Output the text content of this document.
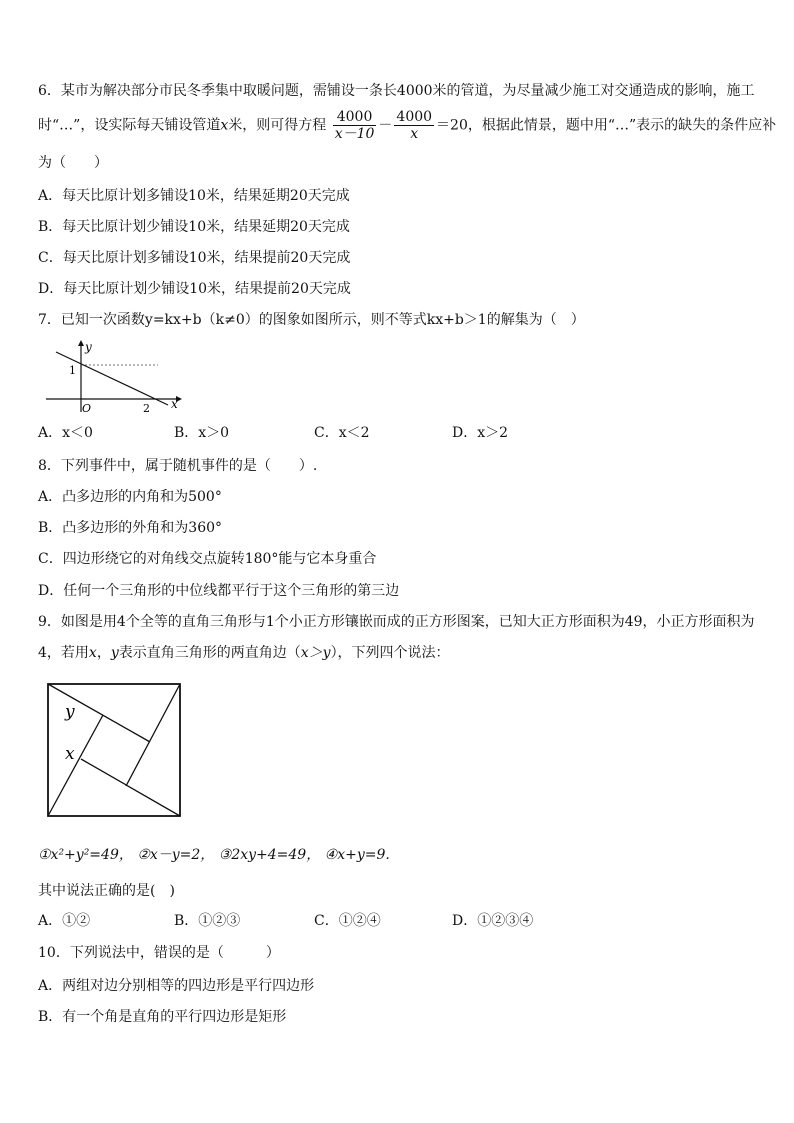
6．某市为解决部分市民冬季集中取暖问题，需铺设一条长4000米的管道，为尽量减少施工对交通造成的影响，施工
时“…”，设实际每天铺设管道x米，则可得方程 $\frac{4000}{x-10} - \frac{4000}{x} =20$，根据此情景，题中用“…”表示的缺失的条件应补
为（　　）
A．每天比原计划多铺设10米，结果延期20天完成
B．每天比原计划少铺设10米，结果延期20天完成
C．每天比原计划多铺设10米，结果提前20天完成
D．每天比原计划少铺设10米，结果提前20天完成
7．已知一次函数y=kx+b（k≠0）的图象如图所示，则不等式kx+b＞1的解集为（　）
y
x
O
1
2
A．x＜0	B．x＞0	C．x＜2	D．x＞2
8．下列事件中，属于随机事件的是（　　）.
A．凸多边形的内角和为500°
B．凸多边形的外角和为360°
C．四边形绕它的对角线交点旋转180°能与它本身重合
D．任何一个三角形的中位线都平行于这个三角形的第三边
9．如图是用4个全等的直角三角形与1个小正方形镶嵌而成的正方形图案，已知大正方形面积为49，小正方形面积为
4，若用x，y表示直角三角形的两直角边（x＞y），下列四个说法：
y
x
①x²+y²=49， ②x－y=2， ③2xy+4=49， ④x+y=9.
其中说法正确的是(　)
A．①②	B．①②③	C．①②④	D．①②③④
10．下列说法中，错误的是（　　　）
A．两组对边分别相等的四边形是平行四边形
B．有一个角是直角的平行四边形是矩形
